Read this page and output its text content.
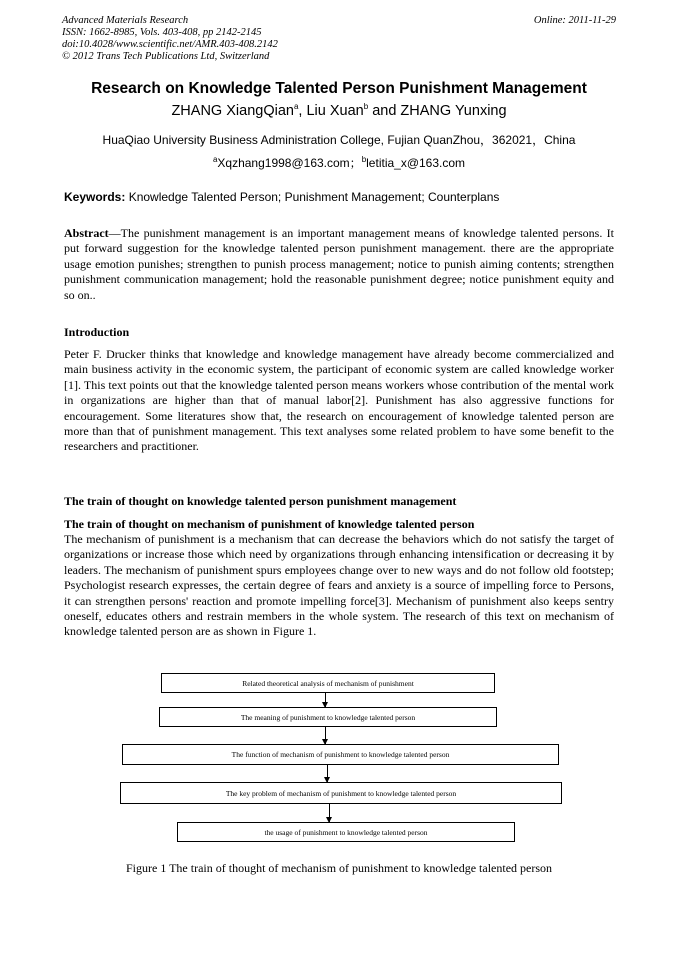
Advanced Materials Research	Online: 2011-11-29
ISSN: 1662-8985, Vols. 403-408, pp 2142-2145
doi:10.4028/www.scientific.net/AMR.403-408.2142
© 2012 Trans Tech Publications Ltd, Switzerland
Research on Knowledge Talented Person Punishment Management
ZHANG XiangQian$^a$, Liu Xuan$^b$ and ZHANG Yunxing
HuaQiao University Business Administration College, Fujian QuanZhou，362021，China
$^a$Xqzhang1998@163.com；$^b$letitia_x@163.com
Keywords: Knowledge Talented Person; Punishment Management; Counterplans
Abstract—The punishment management is an important management means of knowledge talented persons. It put forward suggestion for the knowledge talented person punishment management. there are the appropriate usage emotion punishes; strengthen to punish process management; notice to punish aiming contents; strengthen punishment communication management; hold the reasonable punishment degree; notice punishment equity and so on..
Introduction
Peter F. Drucker thinks that knowledge and knowledge management have already become commercialized and main business activity in the economic system, the participant of economic system are called knowledge worker [1]. This text points out that the knowledge talented person means workers whose contribution of the mental work in organizations are higher than that of manual labor[2]. Punishment has also aggressive functions for encouragement. Some literatures show that, the research on encouragement of knowledge talented person are more than that of punishment management. This text analyses some related problem to have some benefit to the researchers and practitioner.
The train of thought on knowledge talented person punishment management
The train of thought on mechanism of punishment of knowledge talented person
The mechanism of punishment is a mechanism that can decrease the behaviors which do not satisfy the target of organizations or increase those which need by organizations through enhancing intensification or decreasing it by leaders. The mechanism of punishment spurs employees change over to new ways and do not follow old footstep; Psychologist research expresses, the certain degree of fears and anxiety is a source of impelling force to Persons, it can strengthen persons' reaction and promote impelling force[3]. Mechanism of punishment also keeps sentry oneself, educates others and restrain members in the whole system. The research of this text on mechanism of knowledge talented person are as shown in Figure 1.
Related theoretical analysis of mechanism of punishment
The meaning of punishment to knowledge talented person
The function of mechanism of punishment to knowledge talented person
The key problem of mechanism of punishment to knowledge talented person
the usage of punishment to knowledge talented person
Figure 1 The train of thought of mechanism of punishment to knowledge talented person
